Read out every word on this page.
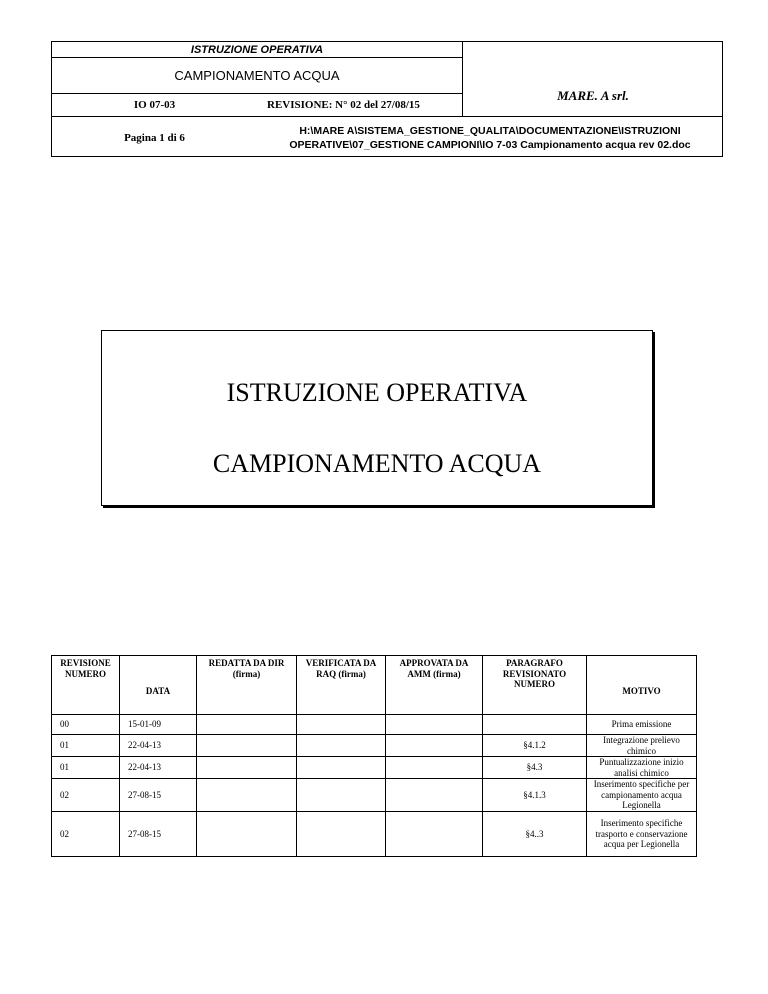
ISTRUZIONE OPERATIVA
CAMPIONAMENTO ACQUA
MARE. A srl.
IO 07-03	REVISIONE: N° 02 del 27/08/15
Pagina 1 di 6
H:\MARE A\SISTEMA_GESTIONE_QUALITA\DOCUMENTAZIONE\ISTRUZIONI
OPERATIVE\07_GESTIONE CAMPIONI\IO 7-03 Campionamento acqua rev 02.doc
ISTRUZIONE OPERATIVA
CAMPIONAMENTO ACQUA
REVISIONE NUMERO	DATA	REDATTA DA DIR (firma)	VERIFICATA DA RAQ (firma)	APPROVATA DA AMM (firma)	PARAGRAFO REVISIONATO NUMERO	MOTIVO
00	15-01-09					Prima emissione
01	22-04-13				§4.1.2	Integrazione prelievo chimico
01	22-04-13				§4.3	Puntualizzazione inizio analisi chimico
02	27-08-15				§4.1.3	Inserimento specifiche per campionamento acqua Legionella
02	27-08-15				§4..3	Inserimento specifiche trasporto e conservazione acqua per Legionella
